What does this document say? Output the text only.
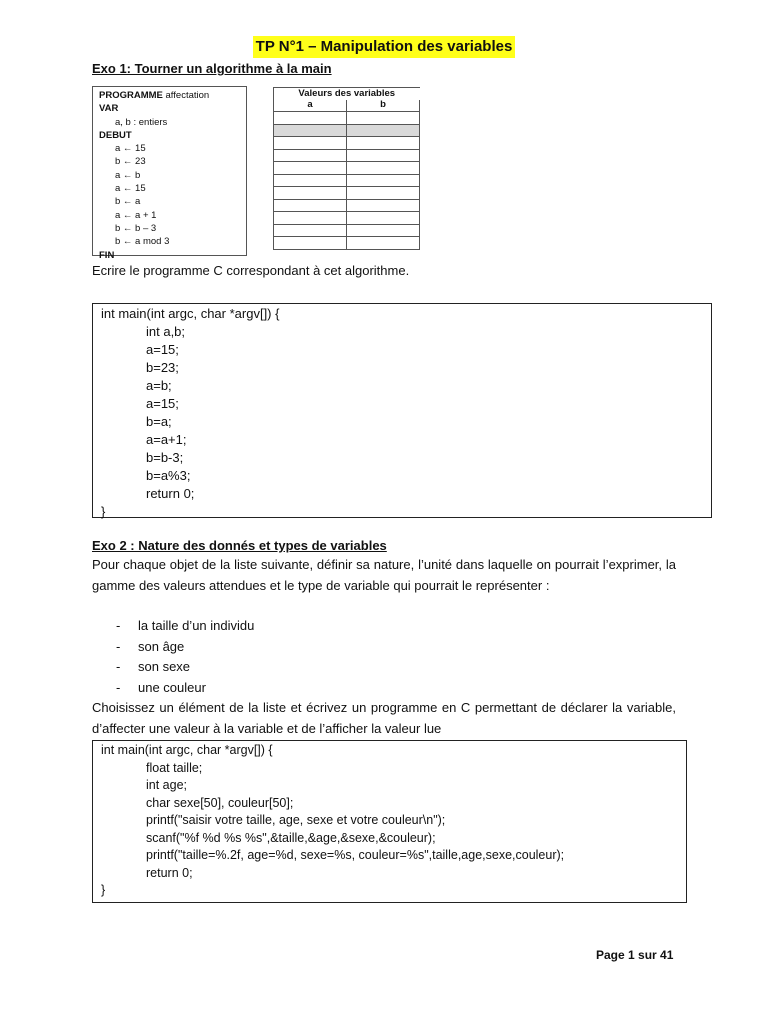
TP N°1 – Manipulation des variables
Exo 1: Tourner un algorithme à la main
PROGRAMME affectation
VAR
a, b : entiers
DEBUT
a ← 15
b ← 23
a ← b
a ← 15
b ← a
a ← a + 1
b ← b – 3
b ← a mod 3
FIN
Valeurs des variables	
a	b

Ecrire le programme C correspondant à cet algorithme.
int main(int argc, char *argv[]) {
int a,b;
a=15;
b=23;
a=b;
a=15;
b=a;
a=a+1;
b=b-3;
b=a%3;
return 0;
}
Exo 2 : Nature des donnés et types de variables
Pour chaque objet de la liste suivante, définir sa nature, l’unité dans laquelle on pourrait l’exprimer, la gamme des valeurs attendues et le type de variable qui pourrait le représenter :
-	la taille d’un individu
-	son âge
-	son sexe
-	une couleur
Choisissez un élément de la liste et écrivez un programme en C permettant de déclarer la variable, d’affecter une valeur à la variable et de l’afficher la valeur lue
int main(int argc, char *argv[]) {
float taille;
int age;
char sexe[50], couleur[50];
printf("saisir votre taille, age, sexe et votre couleur\n");
scanf("%f %d %s %s",&taille,&age,&sexe,&couleur);
printf("taille=%.2f, age=%d, sexe=%s, couleur=%s",taille,age,sexe,couleur);
return 0;
}
Page 1 sur 41
